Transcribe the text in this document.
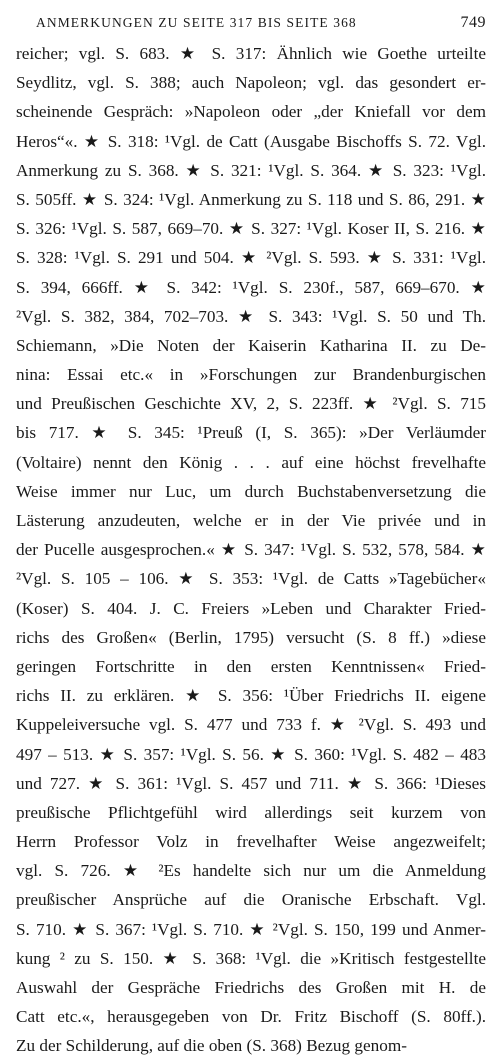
ANMERKUNGEN ZU SEITE 317 BIS SEITE 368	749
reicher; vgl. S. 683. ★ S. 317: Ähnlich wie Goethe urteilte
Seydlitz, vgl. S. 388; auch Napoleon; vgl. das gesondert er-
scheinende Gespräch: »Napoleon oder „der Kniefall vor dem
Heros“«. ★ S. 318: ¹Vgl. de Catt (Ausgabe Bischoffs S. 72. Vgl.
Anmerkung zu S. 368. ★ S. 321: ¹Vgl. S. 364. ★ S. 323: ¹Vgl.
S. 505ff. ★ S. 324: ¹Vgl. Anmerkung zu S. 118 und S. 86, 291. ★
S. 326: ¹Vgl. S. 587, 669–70. ★ S. 327: ¹Vgl. Koser II, S. 216. ★
S. 328: ¹Vgl. S. 291 und 504. ★ ²Vgl. S. 593. ★ S. 331: ¹Vgl.
S. 394, 666ff. ★ S. 342: ¹Vgl. S. 230f., 587, 669–670. ★
²Vgl. S. 382, 384, 702–703. ★ S. 343: ¹Vgl. S. 50 und Th.
Schiemann, »Die Noten der Kaiserin Katharina II. zu De-
nina: Essai etc.« in »Forschungen zur Brandenburgischen
und Preußischen Geschichte XV, 2, S. 223ff. ★ ²Vgl. S. 715
bis 717. ★ S. 345: ¹Preuß (I, S. 365): »Der Verläumder
(Voltaire) nennt den König . . . auf eine höchst frevelhafte
Weise immer nur Luc, um durch Buchstabenversetzung die
Lästerung anzudeuten, welche er in der Vie privée und in
der Pucelle ausgesprochen.« ★ S. 347: ¹Vgl. S. 532, 578, 584. ★
²Vgl. S. 105 – 106. ★ S. 353: ¹Vgl. de Catts »Tagebücher«
(Koser) S. 404. J. C. Freiers »Leben und Charakter Fried-
richs des Großen« (Berlin, 1795) versucht (S. 8 ff.) »diese
geringen Fortschritte in den ersten Kenntnissen« Fried-
richs II. zu erklären. ★ S. 356: ¹Über Friedrichs II. eigene
Kuppeleiversuche vgl. S. 477 und 733 f. ★ ²Vgl. S. 493 und
497 – 513. ★ S. 357: ¹Vgl. S. 56. ★ S. 360: ¹Vgl. S. 482 – 483
und 727. ★ S. 361: ¹Vgl. S. 457 und 711. ★ S. 366: ¹Dieses
preußische Pflichtgefühl wird allerdings seit kurzem von
Herrn Professor Volz in frevelhafter Weise angezweifelt;
vgl. S. 726. ★ ²Es handelte sich nur um die Anmeldung
preußischer Ansprüche auf die Oranische Erbschaft. Vgl.
S. 710. ★ S. 367: ¹Vgl. S. 710. ★ ²Vgl. S. 150, 199 und Anmer-
kung ² zu S. 150. ★ S. 368: ¹Vgl. die »Kritisch festgestellte
Auswahl der Gespräche Friedrichs des Großen mit H. de
Catt etc.«, herausgegeben von Dr. Fritz Bischoff (S. 80ff.).
Zu der Schilderung, auf die oben (S. 368) Bezug genom-
